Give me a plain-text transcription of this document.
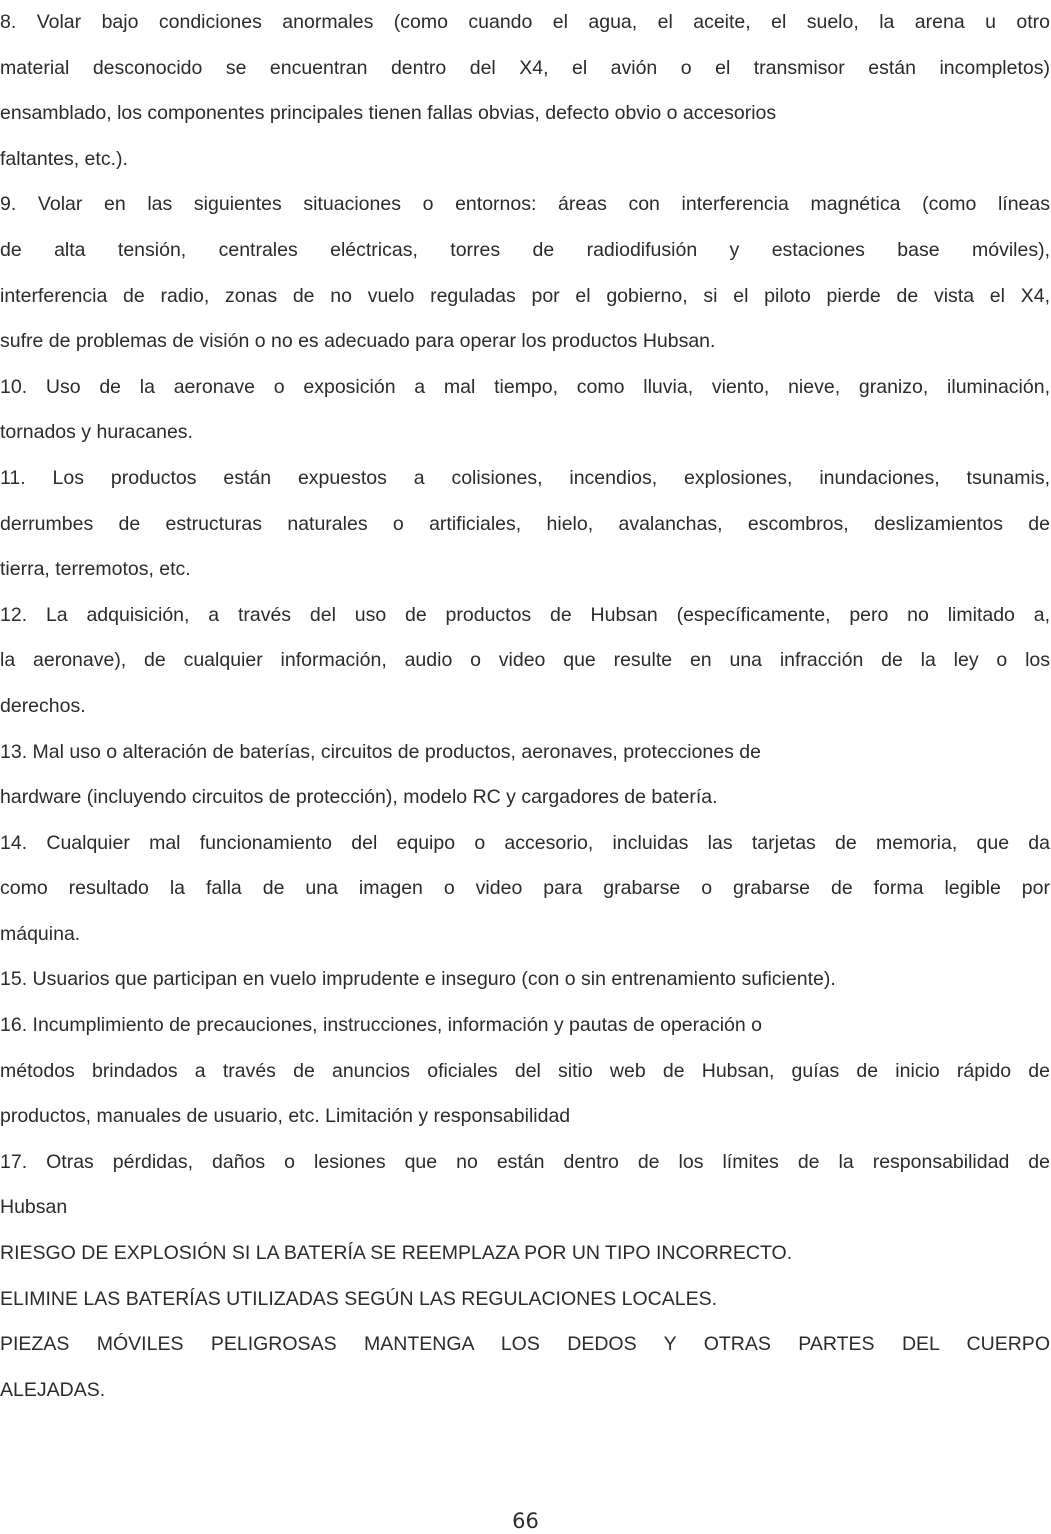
8. Volar bajo condiciones anormales (como cuando el agua, el aceite, el suelo, la arena u otro
material desconocido se encuentran dentro del X4, el avión o el transmisor están incompletos)
ensamblado, los componentes principales tienen fallas obvias, defecto obvio o accesorios
faltantes, etc.).
9. Volar en las siguientes situaciones o entornos: áreas con interferencia magnética (como líneas
de alta tensión, centrales eléctricas, torres de radiodifusión y estaciones base móviles),
interferencia de radio, zonas de no vuelo reguladas por el gobierno, si el piloto pierde de vista el X4,
sufre de problemas de visión o no es adecuado para operar los productos Hubsan.
10. Uso de la aeronave o exposición a mal tiempo, como lluvia, viento, nieve, granizo, iluminación,
tornados y huracanes.
11. Los productos están expuestos a colisiones, incendios, explosiones, inundaciones, tsunamis,
derrumbes de estructuras naturales o artificiales, hielo, avalanchas, escombros, deslizamientos de
tierra, terremotos, etc.
12. La adquisición, a través del uso de productos de Hubsan (específicamente, pero no limitado a,
la aeronave), de cualquier información, audio o video que resulte en una infracción de la ley o los
derechos.
13. Mal uso o alteración de baterías, circuitos de productos, aeronaves, protecciones de
hardware (incluyendo circuitos de protección), modelo RC y cargadores de batería.
14. Cualquier mal funcionamiento del equipo o accesorio, incluidas las tarjetas de memoria, que da
como resultado la falla de una imagen o video para grabarse o grabarse de forma legible por
máquina.
15. Usuarios que participan en vuelo imprudente e inseguro (con o sin entrenamiento suficiente).
16. Incumplimiento de precauciones, instrucciones, información y pautas de operación o
métodos brindados a través de anuncios oficiales del sitio web de Hubsan, guías de inicio rápido de
productos, manuales de usuario, etc. Limitación y responsabilidad
17. Otras pérdidas, daños o lesiones que no están dentro de los límites de la responsabilidad de
Hubsan
RIESGO DE EXPLOSIÓN SI LA BATERÍA SE REEMPLAZA POR UN TIPO INCORRECTO.
ELIMINE LAS BATERÍAS UTILIZADAS SEGÚN LAS REGULACIONES LOCALES.
PIEZAS MÓVILES PELIGROSAS MANTENGA LOS DEDOS Y OTRAS PARTES DEL CUERPO
ALEJADAS.
66
